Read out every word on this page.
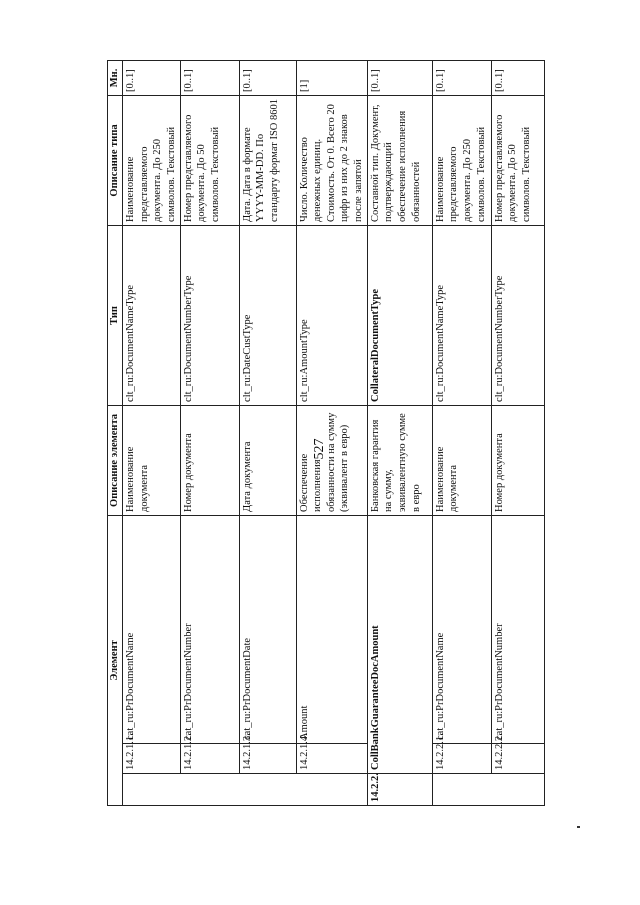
527
Элемент			Описание элемента	Тип	Описание типа	Мн.
	14.2.1.1.	cat_ru:PrDocumentName	Наименование документа	clt_ru:DocumentNameType	Наименование представляемого документа. До 250 символов. Текстовый	[0..1]
	14.2.1.2.	cat_ru:PrDocumentNumber	Номер документа	clt_ru:DocumentNumberType	Номер представляемого документа. До 50 символов. Текстовый	[0..1]
	14.2.1.3.	cat_ru:PrDocumentDate	Дата документа	clt_ru:DateCustType	Дата. Дата в формате YYYY-MM-DD. По стандарту формат ISO 8601	[0..1]
	14.2.1.4.	Amount	Обеспечение исполнения обязанности на сумму (эквивалент в евро)	clt_ru:AmountType	Число. Количество денежных единиц. Стоимость. От 0. Всего 20 цифр из них до 2 знаков после запятой	[1]
14.2.2.	CollBankGuaranteeDocAmount		Банковская гарантия на сумму, эквивалентную сумме в евро	CollateralDocumentType	Составной тип. Документ, подтверждающий обеспечение исполнения обязанностей	[0..1]
	14.2.2.1.	cat_ru:PrDocumentName	Наименование документа	clt_ru:DocumentNameType	Наименование представляемого документа. До 250 символов. Текстовый	[0..1]
	14.2.2.2.	cat_ru:PrDocumentNumber	Номер документа	clt_ru:DocumentNumberType	Номер представляемого документа. До 50 символов. Текстовый	[0..1]
